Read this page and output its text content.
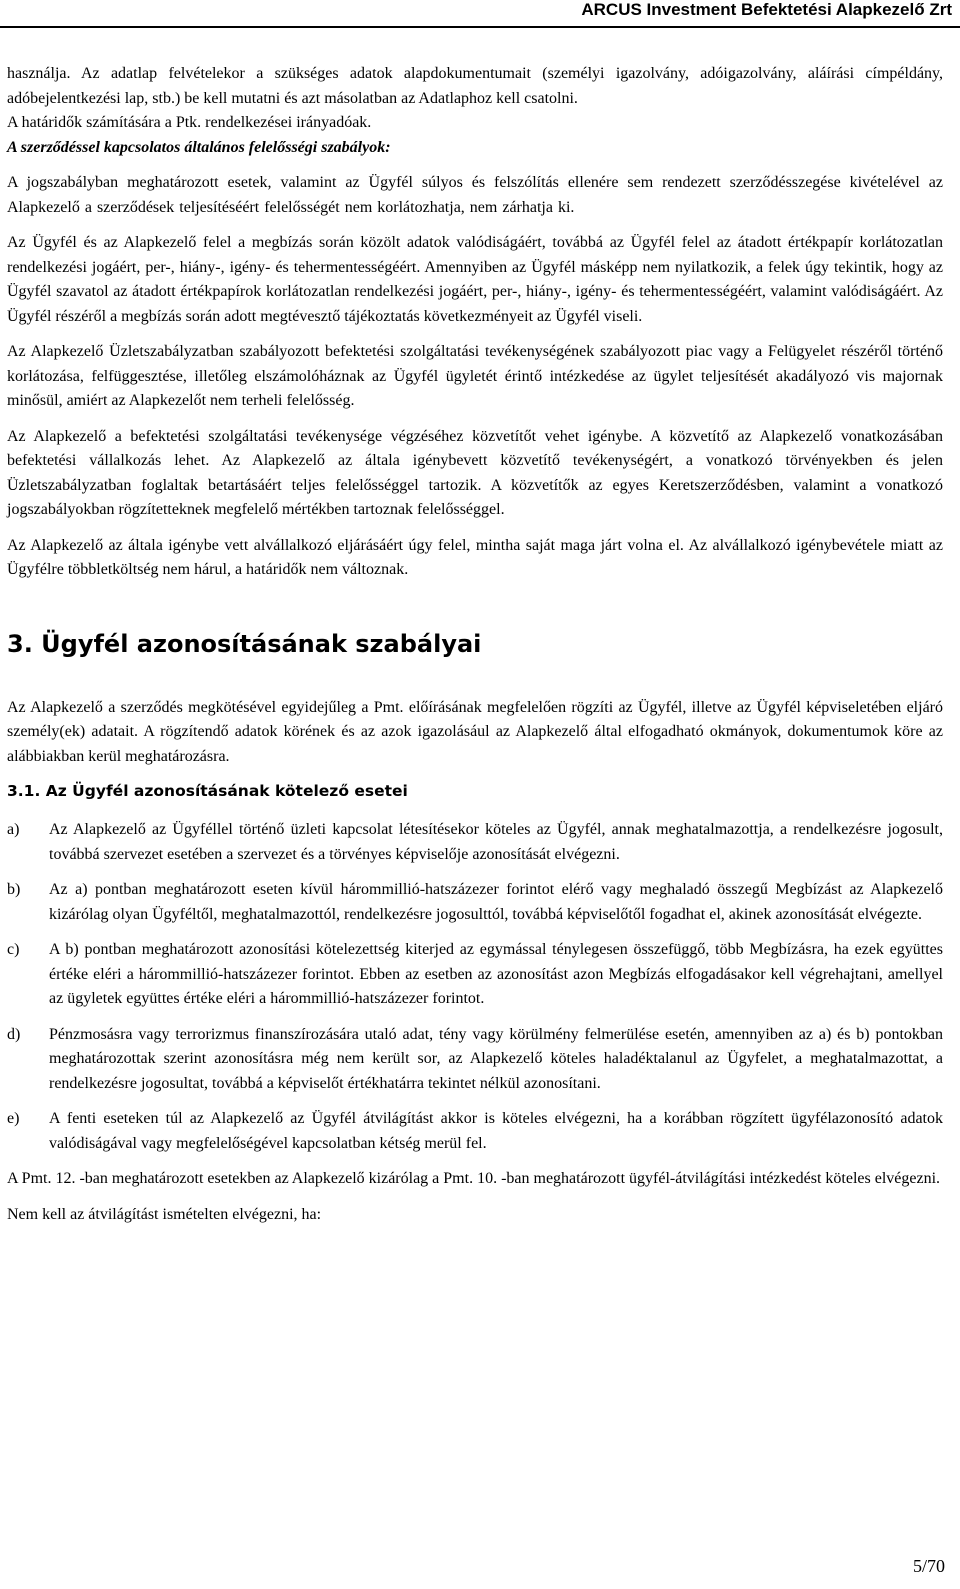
ARCUS Investment Befektetési Alapkezelő Zrt

használja. Az adatlap felvételekor a szükséges adatok alapdokumentumait (személyi igazolvány, adóigazolvány, aláírási címpéldány, adóbejelentkezési lap, stb.) be kell mutatni és azt másolatban az Adatlaphoz kell csatolni.

A határidők számítására a Ptk. rendelkezései irányadóak.

A szerződéssel kapcsolatos általános felelősségi szabályok:

A jogszabályban meghatározott esetek, valamint az Ügyfél súlyos és felszólítás ellenére sem rendezett szerződésszegése kivételével az Alapkezelő a szerződések teljesítéséért felelősségét nem korlátozhatja, nem zárhatja ki.

Az Ügyfél és az Alapkezelő felel a megbízás során közölt adatok valódiságáért, továbbá az Ügyfél felel az átadott értékpapír korlátozatlan rendelkezési jogáért, per-, hiány-, igény- és tehermentességéért. Amennyiben az Ügyfél másképp nem nyilatkozik, a felek úgy tekintik, hogy az Ügyfél szavatol az átadott értékpapírok korlátozatlan rendelkezési jogáért, per-, hiány-, igény- és tehermentességéért, valamint valódiságáért. Az Ügyfél részéről a megbízás során adott megtévesztő tájékoztatás következményeit az Ügyfél viseli.

Az Alapkezelő Üzletszabályzatban szabályozott befektetési szolgáltatási tevékenységének szabályozott piac vagy a Felügyelet részéről történő korlátozása, felfüggesztése, illetőleg elszámolóháznak az Ügyfél ügyletét érintő intézkedése az ügylet teljesítését akadályozó vis majornak minősül, amiért az Alapkezelőt nem terheli felelősség.

Az Alapkezelő a befektetési szolgáltatási tevékenysége végzéséhez közvetítőt vehet igénybe. A közvetítő az Alapkezelő vonatkozásában befektetési vállalkozás lehet. Az Alapkezelő az általa igénybevett közvetítő tevékenységért, a vonatkozó törvényekben és jelen Üzletszabályzatban foglaltak betartásáért teljes felelősséggel tartozik. A közvetítők az egyes Keretszerződésben, valamint a vonatkozó jogszabályokban rögzítetteknek megfelelő mértékben tartoznak felelősséggel.

Az Alapkezelő az általa igénybe vett alvállalkozó eljárásáért úgy felel, mintha saját maga járt volna el. Az alvállalkozó igénybevétele miatt az Ügyfélre többletköltség nem hárul, a határidők nem változnak.

3. Ügyfél azonosításának szabályai

Az Alapkezelő a szerződés megkötésével egyidejűleg a Pmt. előírásának megfelelően rögzíti az Ügyfél, illetve az Ügyfél képviseletében eljáró személy(ek) adatait. A rögzítendő adatok körének és az azok igazolásául az Alapkezelő által elfogadható okmányok, dokumentumok köre az alábbiakban kerül meghatározásra.

3.1. Az Ügyfél azonosításának kötelező esetei
a)	Az Alapkezelő az Ügyféllel történő üzleti kapcsolat létesítésekor köteles az Ügyfél, annak meghatalmazottja, a rendelkezésre jogosult, továbbá szervezet esetében a szervezet és a törvényes képviselője azonosítását elvégezni.
b)	Az a) pontban meghatározott eseten kívül hárommillió-hatszázezer forintot elérő vagy meghaladó összegű Megbízást az Alapkezelő kizárólag olyan Ügyféltől, meghatalmazottól, rendelkezésre jogosulttól, továbbá képviselőtől fogadhat el, akinek azonosítását elvégezte.
c)	A b) pontban meghatározott azonosítási kötelezettség kiterjed az egymással ténylegesen összefüggő, több Megbízásra, ha ezek együttes értéke eléri a hárommillió-hatszázezer forintot. Ebben az esetben az azonosítást azon Megbízás elfogadásakor kell végrehajtani, amellyel az ügyletek együttes értéke eléri a hárommillió-hatszázezer forintot.
d)	Pénzmosásra vagy terrorizmus finanszírozására utaló adat, tény vagy körülmény felmerülése esetén, amennyiben az a) és b) pontokban meghatározottak szerint azonosításra még nem került sor, az Alapkezelő köteles haladéktalanul az Ügyfelet, a meghatalmazottat, a rendelkezésre jogosultat, továbbá a képviselőt értékhatárra tekintet nélkül azonosítani.
e)	A fenti eseteken túl az Alapkezelő az Ügyfél átvilágítást akkor is köteles elvégezni, ha a korábban rögzített ügyfélazonosító adatok valódiságával vagy megfelelőségével kapcsolatban kétség merül fel.

A Pmt. 12. -ban meghatározott esetekben az Alapkezelő kizárólag a Pmt. 10. -ban meghatározott ügyfél-átvilágítási intézkedést köteles elvégezni.

Nem kell az átvilágítást ismételten elvégezni, ha:

5/70
